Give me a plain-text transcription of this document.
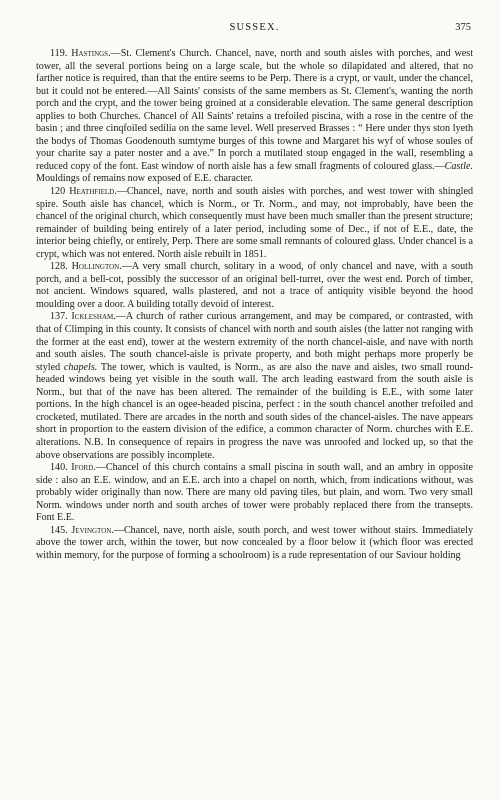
SUSSEX.	375

119. Hastings.—St. Clement's Church. Chancel, nave, north and south aisles with porches, and west tower, all the several portions being on a large scale, but the whole so dilapidated and altered, that no farther notice is required, than that the entire seems to be Perp. There is a crypt, or vault, under the chancel, but it could not be entered.—All Saints' consists of the same members as St. Clement's, wanting the north porch and the crypt, and the tower being groined at a considerable elevation. The same general description applies to both Churches. Chancel of All Saints' retains a trefoiled piscina, with a rose in the centre of the basin ; and three cinqfoiled sedilia on the same level. Well preserved Brasses : “ Here under thys ston lyeth the bodys of Thomas Goodenouth sumtyme burges of this towne and Margaret his wyf of whose soules of your charite say a pater noster and a ave.” In porch a mutilated stoup engaged in the wall, resembling a reduced copy of the font. East window of north aisle has a few small fragments of coloured glass.—Castle. Mouldings of remains now exposed of E.E. character.

120 Heathfield.—Chancel, nave, north and south aisles with porches, and west tower with shingled spire. South aisle has chancel, which is Norm., or Tr. Norm., and may, not improbably, have been the chancel of the original church, which consequently must have been much smaller than the present structure; remainder of building being entirely of a later period, including some of Dec., if not of E.E., date, the interior being chiefly, or entirely, Perp. There are some small remnants of coloured glass. Under chancel is a crypt, which was not entered. North aisle rebuilt in 1851.

128. Hollington.—A very small church, solitary in a wood, of only chancel and nave, with a south porch, and a bell-cot, possibly the successor of an original bell-turret, over the west end. Porch of timber, not ancient. Windows squared, walls plastered, and not a trace of antiquity visible beyond the hood moulding over a door. A building totally devoid of interest.

137. Icklesham.—A church of rather curious arrangement, and may be compared, or contrasted, with that of Climping in this county. It consists of chancel with north and south aisles (the latter not ranging with the former at the east end), tower at the western extremity of the north chancel-aisle, and nave with north and south aisles. The south chancel-aisle is private property, and both might perhaps more properly be styled chapels. The tower, which is vaulted, is Norm., as are also the nave and aisles, two small round-headed windows being yet visible in the south wall. The arch leading eastward from the south aisle is Norm., but that of the nave has been altered. The remainder of the building is E.E., with some later portions. In the high chancel is an ogee-headed piscina, perfect : in the south chancel another trefoiled and crocketed, mutilated. There are arcades in the north and south sides of the chancel-aisles. The nave appears short in proportion to the eastern division of the edifice, a common character of Norm. churches with E.E. alterations. N.B. In consequence of repairs in progress the nave was unroofed and locked up, so that the above observations are possibly incomplete.

140. Iford.—Chancel of this church contains a small piscina in south wall, and an ambry in opposite side : also an E.E. window, and an E.E. arch into a chapel on north, which, from indications without, was probably wider originally than now. There are many old paving tiles, but plain, and worn. Two very small Norm. windows under north and south arches of tower were probably replaced there from the transepts. Font E.E.

145. Jevington.—Chancel, nave, north aisle, south porch, and west tower without stairs. Immediately above the tower arch, within the tower, but now concealed by a floor below it (which floor was erected within memory, for the purpose of forming a schoolroom) is a rude representation of our Saviour holding
